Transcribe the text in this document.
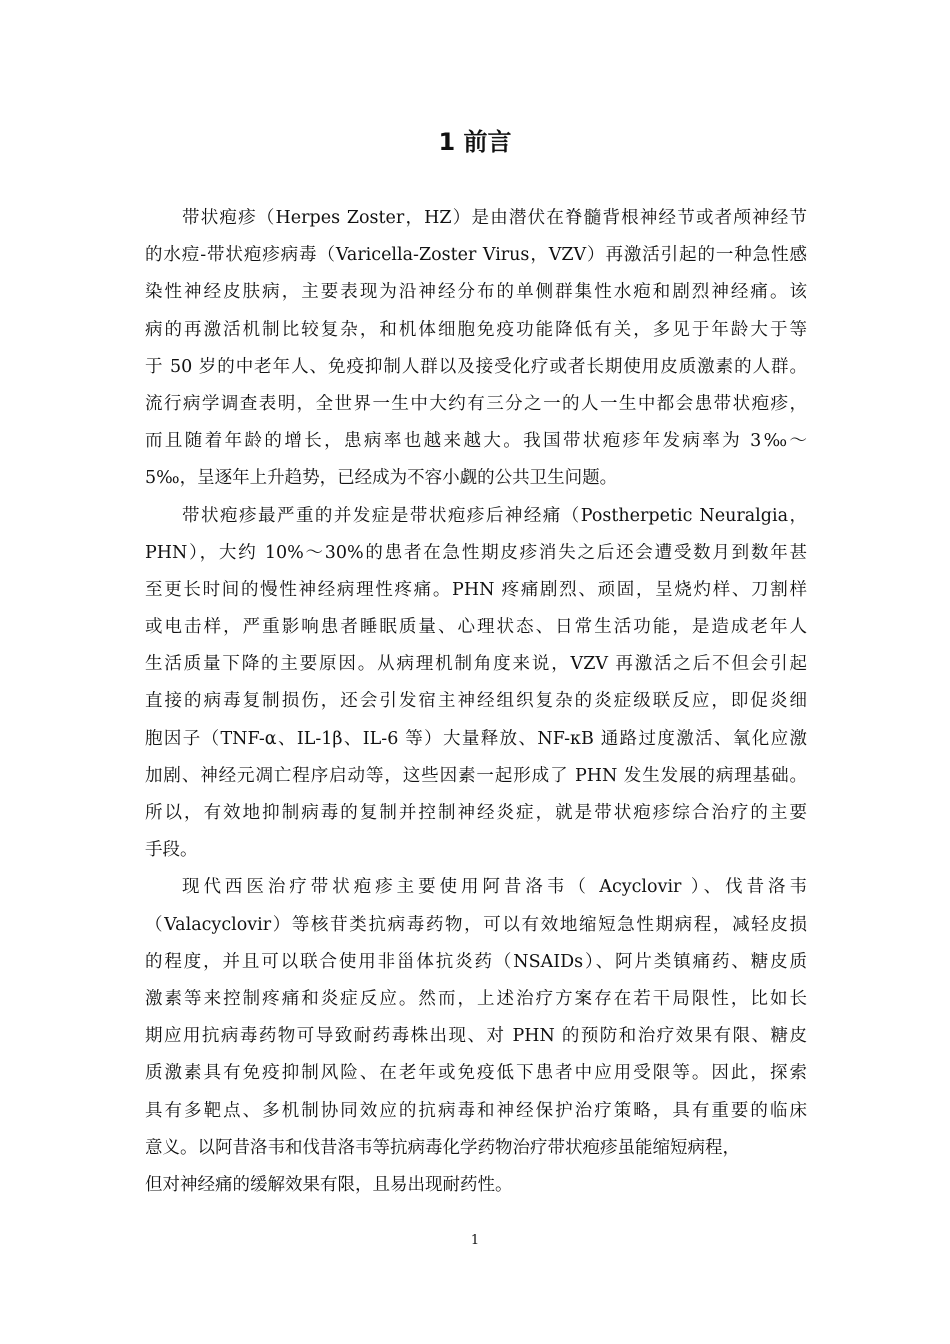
1 前言
带状疱疹（Herpes Zoster，HZ）是由潜伏在脊髓背根神经节或者颅神经节
的水痘-带状疱疹病毒（Varicella-Zoster Virus，VZV）再激活引起的一种急性感
染性神经皮肤病，主要表现为沿神经分布的单侧群集性水疱和剧烈神经痛。该
病的再激活机制比较复杂，和机体细胞免疫功能降低有关，多见于年龄大于等
于 50 岁的中老年人、免疫抑制人群以及接受化疗或者长期使用皮质激素的人群。
流行病学调查表明，全世界一生中大约有三分之一的人一生中都会患带状疱疹，
而且随着年龄的增长，患病率也越来越大。我国带状疱疹年发病率为 3‰～
5‰，呈逐年上升趋势，已经成为不容小觑的公共卫生问题。
带状疱疹最严重的并发症是带状疱疹后神经痛（Postherpetic Neuralgia，
PHN），大约 10%～30%的患者在急性期皮疹消失之后还会遭受数月到数年甚
至更长时间的慢性神经病理性疼痛。PHN 疼痛剧烈、顽固，呈烧灼样、刀割样
或电击样，严重影响患者睡眠质量、心理状态、日常生活功能，是造成老年人
生活质量下降的主要原因。从病理机制角度来说，VZV 再激活之后不但会引起
直接的病毒复制损伤，还会引发宿主神经组织复杂的炎症级联反应，即促炎细
胞因子（TNF-α、IL-1β、IL-6 等）大量释放、NF-κB 通路过度激活、氧化应激
加剧、神经元凋亡程序启动等，这些因素一起形成了 PHN 发生发展的病理基础。
所以，有效地抑制病毒的复制并控制神经炎症，就是带状疱疹综合治疗的主要
手段。
现代西医治疗带状疱疹主要使用阿昔洛韦（ Acyclovir ）、伐昔洛韦
（Valacyclovir）等核苷类抗病毒药物，可以有效地缩短急性期病程，减轻皮损
的程度，并且可以联合使用非甾体抗炎药（NSAIDs）、阿片类镇痛药、糖皮质
激素等来控制疼痛和炎症反应。然而，上述治疗方案存在若干局限性，比如长
期应用抗病毒药物可导致耐药毒株出现、对 PHN 的预防和治疗效果有限、糖皮
质激素具有免疫抑制风险、在老年或免疫低下患者中应用受限等。因此，探索
具有多靶点、多机制协同效应的抗病毒和神经保护治疗策略，具有重要的临床
意义。以阿昔洛韦和伐昔洛韦等抗病毒化学药物治疗带状疱疹虽能缩短病程，
但对神经痛的缓解效果有限，且易出现耐药性。
1
